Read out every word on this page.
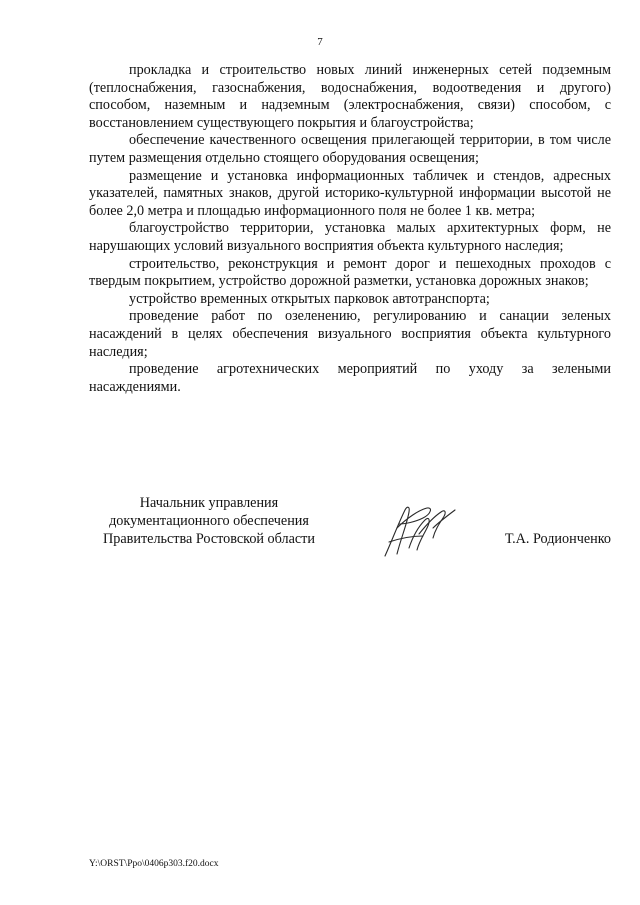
7

прокладка и строительство новых линий инженерных сетей подземным (теплоснабжения, газоснабжения, водоснабжения, водоотведения и другого) способом, наземным и надземным (электроснабжения, связи) способом, с восстановлением существующего покрытия и благоустройства;

обеспечение качественного освещения прилегающей территории, в том числе путем размещения отдельно стоящего оборудования освещения;

размещение и установка информационных табличек и стендов, адресных указателей, памятных знаков, другой историко-культурной информации высотой не более 2,0 метра и площадью информационного поля не более 1 кв. метра;

благоустройство территории, установка малых архитектурных форм, не нарушающих условий визуального восприятия объекта культурного наследия;

строительство, реконструкция и ремонт дорог и пешеходных проходов с твердым покрытием, устройство дорожной разметки, установка дорожных знаков;

устройство временных открытых парковок автотранспорта;

проведение работ по озеленению, регулированию и санации зеленых насаждений в целях обеспечения визуального восприятия объекта культурного наследия;

проведение агротехнических мероприятий по уходу за зелеными насаждениями.

Начальник управления
документационного обеспечения
Правительства Ростовской области	Т.А. Родионченко
Y:\ORST\Ppo\0406p303.f20.docx
